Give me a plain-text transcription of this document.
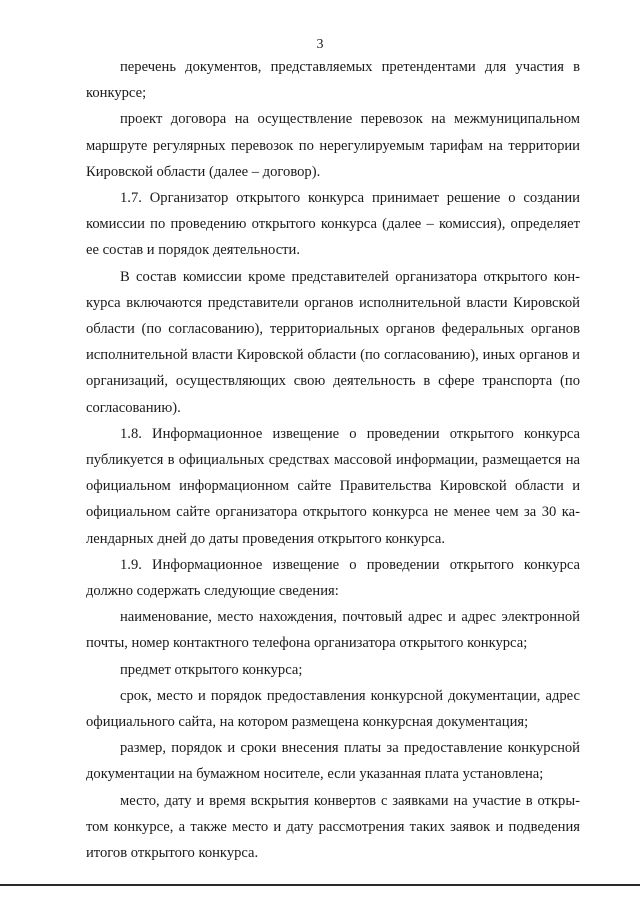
3

перечень документов, представляемых претендентами для участия в конкурсе;

проект договора на осуществление перевозок на межмуниципальном маршруте регулярных перевозок по нерегулируемым тарифам на территории Кировской области (далее – договор).

1.7. Организатор открытого конкурса принимает решение о создании комиссии по проведению открытого конкурса (далее – комиссия), определяет ее состав и порядок деятельности.

В состав комиссии кроме представителей организатора открытого кон-курса включаются представители органов исполнительной власти Кировской области (по согласованию), территориальных органов федеральных органов исполнительной власти Кировской области (по согласованию), иных органов и организаций, осуществляющих свою деятельность в сфере транспорта (по согласованию).

1.8. Информационное извещение о проведении открытого конкурса публикуется в официальных средствах массовой информации, размещается на официальном информационном сайте Правительства Кировской области и официальном сайте организатора открытого конкурса не менее чем за 30 ка-лендарных дней до даты проведения открытого конкурса.

1.9. Информационное извещение о проведении открытого конкурса должно содержать следующие сведения:

наименование, место нахождения, почтовый адрес и адрес электронной почты, номер контактного телефона организатора открытого конкурса;

предмет открытого конкурса;

срок, место и порядок предоставления конкурсной документации, адрес официального сайта, на котором размещена конкурсная документация;

размер, порядок и сроки внесения платы за предоставление конкурсной документации на бумажном носителе, если указанная плата установлена;

место, дату и время вскрытия конвертов с заявками на участие в откры-том конкурсе, а также место и дату рассмотрения таких заявок и подведения итогов открытого конкурса.
